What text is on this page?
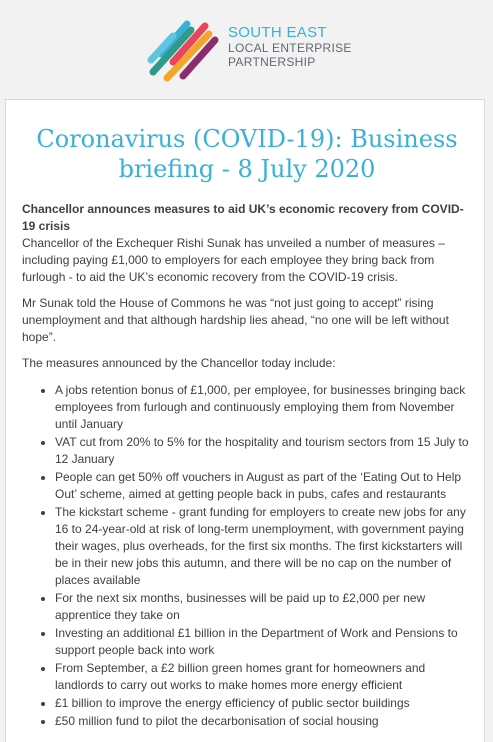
SOUTH EAST
LOCAL ENTERPRISE
PARTNERSHIP
Coronavirus (COVID-19): Business briefing - 8 July 2020

Chancellor announces measures to aid UK’s economic recovery from COVID-19 crisis

Chancellor of the Exchequer Rishi Sunak has unveiled a number of measures – including paying £1,000 to employers for each employee they bring back from furlough - to aid the UK’s economic recovery from the COVID-19 crisis.

Mr Sunak told the House of Commons he was “not just going to accept” rising unemployment and that although hardship lies ahead, “no one will be left without hope”.

The measures announced by the Chancellor today include:

• A jobs retention bonus of £1,000, per employee, for businesses bringing back employees from furlough and continuously employing them from November until January
• VAT cut from 20% to 5% for the hospitality and tourism sectors from 15 July to 12 January
• People can get 50% off vouchers in August as part of the ‘Eating Out to Help Out’ scheme, aimed at getting people back in pubs, cafes and restaurants
• The kickstart scheme - grant funding for employers to create new jobs for any 16 to 24-year-old at risk of long-term unemployment, with government paying their wages, plus overheads, for the first six months. The first kickstarters will be in their new jobs this autumn, and there will be no cap on the number of places available
• For the next six months, businesses will be paid up to £2,000 per new apprentice they take on
• Investing an additional £1 billion in the Department of Work and Pensions to support people back into work
• From September, a £2 billion green homes grant for homeowners and landlords to carry out works to make homes more energy efficient
• £1 billion to improve the energy efficiency of public sector buildings
• £50 million fund to pilot the decarbonisation of social housing
